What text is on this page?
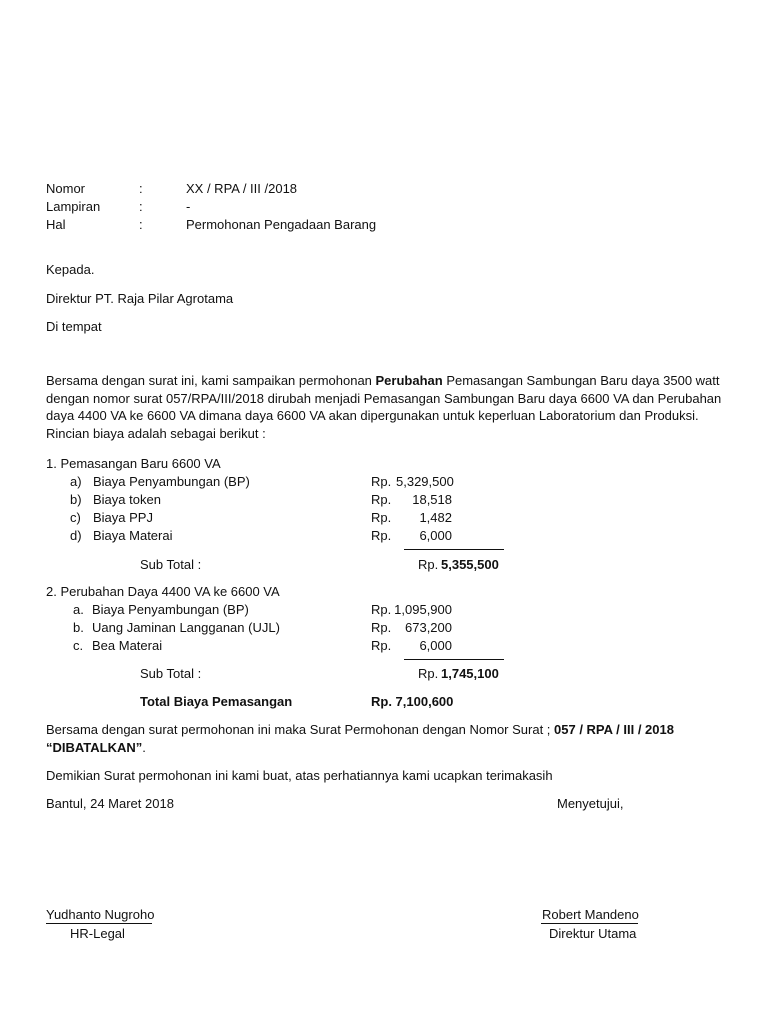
Nomor	:	XX / RPA / III /2018
Lampiran	:	-
Hal	:	Permohonan Pengadaan Barang
Kepada.
Direktur PT. Raja Pilar Agrotama
Di tempat
Bersama dengan surat ini, kami sampaikan permohonan Perubahan Pemasangan Sambungan Baru daya 3500 watt
dengan nomor surat 057/RPA/III/2018 dirubah menjadi Pemasangan Sambungan Baru daya 6600 VA dan Perubahan
daya 4400 VA ke 6600 VA dimana daya 6600 VA akan dipergunakan untuk keperluan Laboratorium dan Produksi.
Rincian biaya adalah sebagai berikut :
1. Pemasangan Baru 6600 VA
a) Biaya Penyambungan (BP)	Rp. 5,329,500
b) Biaya token	Rp.	18,518
c) Biaya PPJ	Rp.	1,482
d) Biaya Materai	Rp.	6,000
Sub Total :	Rp. 5,355,500
2. Perubahan Daya 4400 VA ke 6600 VA
a. Biaya Penyambungan (BP)	Rp. 1,095,900
b. Uang Jaminan Langganan (UJL)	Rp.	673,200
c. Bea Materai	Rp.	6,000
Sub Total :	Rp. 1,745,100
Total Biaya Pemasangan	Rp. 7,100,600
Bersama dengan surat permohonan ini maka Surat Permohonan dengan Nomor Surat ; 057 / RPA / III / 2018
“DIBATALKAN”.
Demikian Surat permohonan ini kami buat, atas perhatiannya kami ucapkan terimakasih
Bantul, 24 Maret 2018	Menyetujui,
Yudhanto Nugroho
HR-Legal
Robert Mandeno
Direktur Utama
